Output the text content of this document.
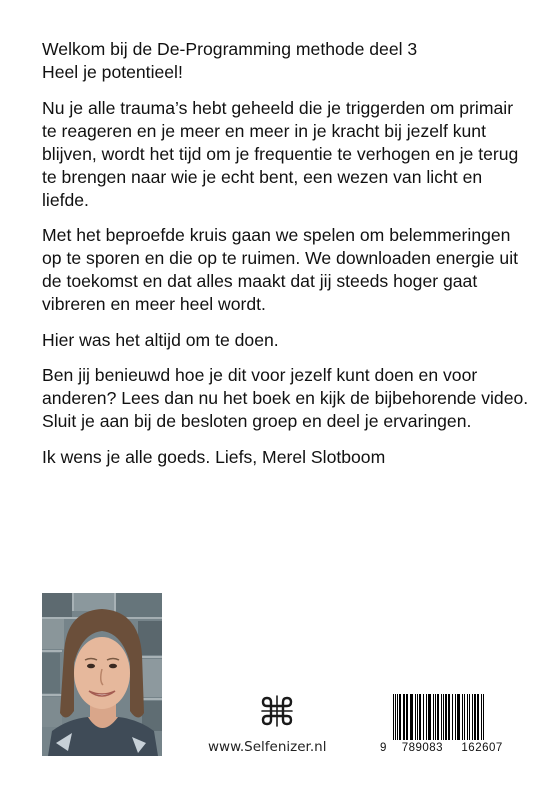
Welkom bij de De-Programming methode deel 3
Heel je potentieel!

Nu je alle trauma’s hebt geheeld die je triggerden om primair te reageren en je meer en meer in je kracht bij jezelf kunt blijven, wordt het tijd om je frequentie te verhogen en je terug te brengen naar wie je echt bent, een wezen van licht en liefde.

Met het beproefde kruis gaan we spelen om belemmeringen op te sporen en die op te ruimen. We downloaden energie uit de toekomst en dat alles maakt dat jij steeds hoger gaat vibreren en meer heel wordt.

Hier was het altijd om te doen.

Ben jij benieuwd hoe je dit voor jezelf kunt doen en voor anderen? Lees dan nu het boek en kijk de bijbehorende video. Sluit je aan bij de besloten groep en deel je ervaringen.

Ik wens je alle goeds. Liefs, Merel Slotboom

www.Selfenizer.nl	9 789083 162607
